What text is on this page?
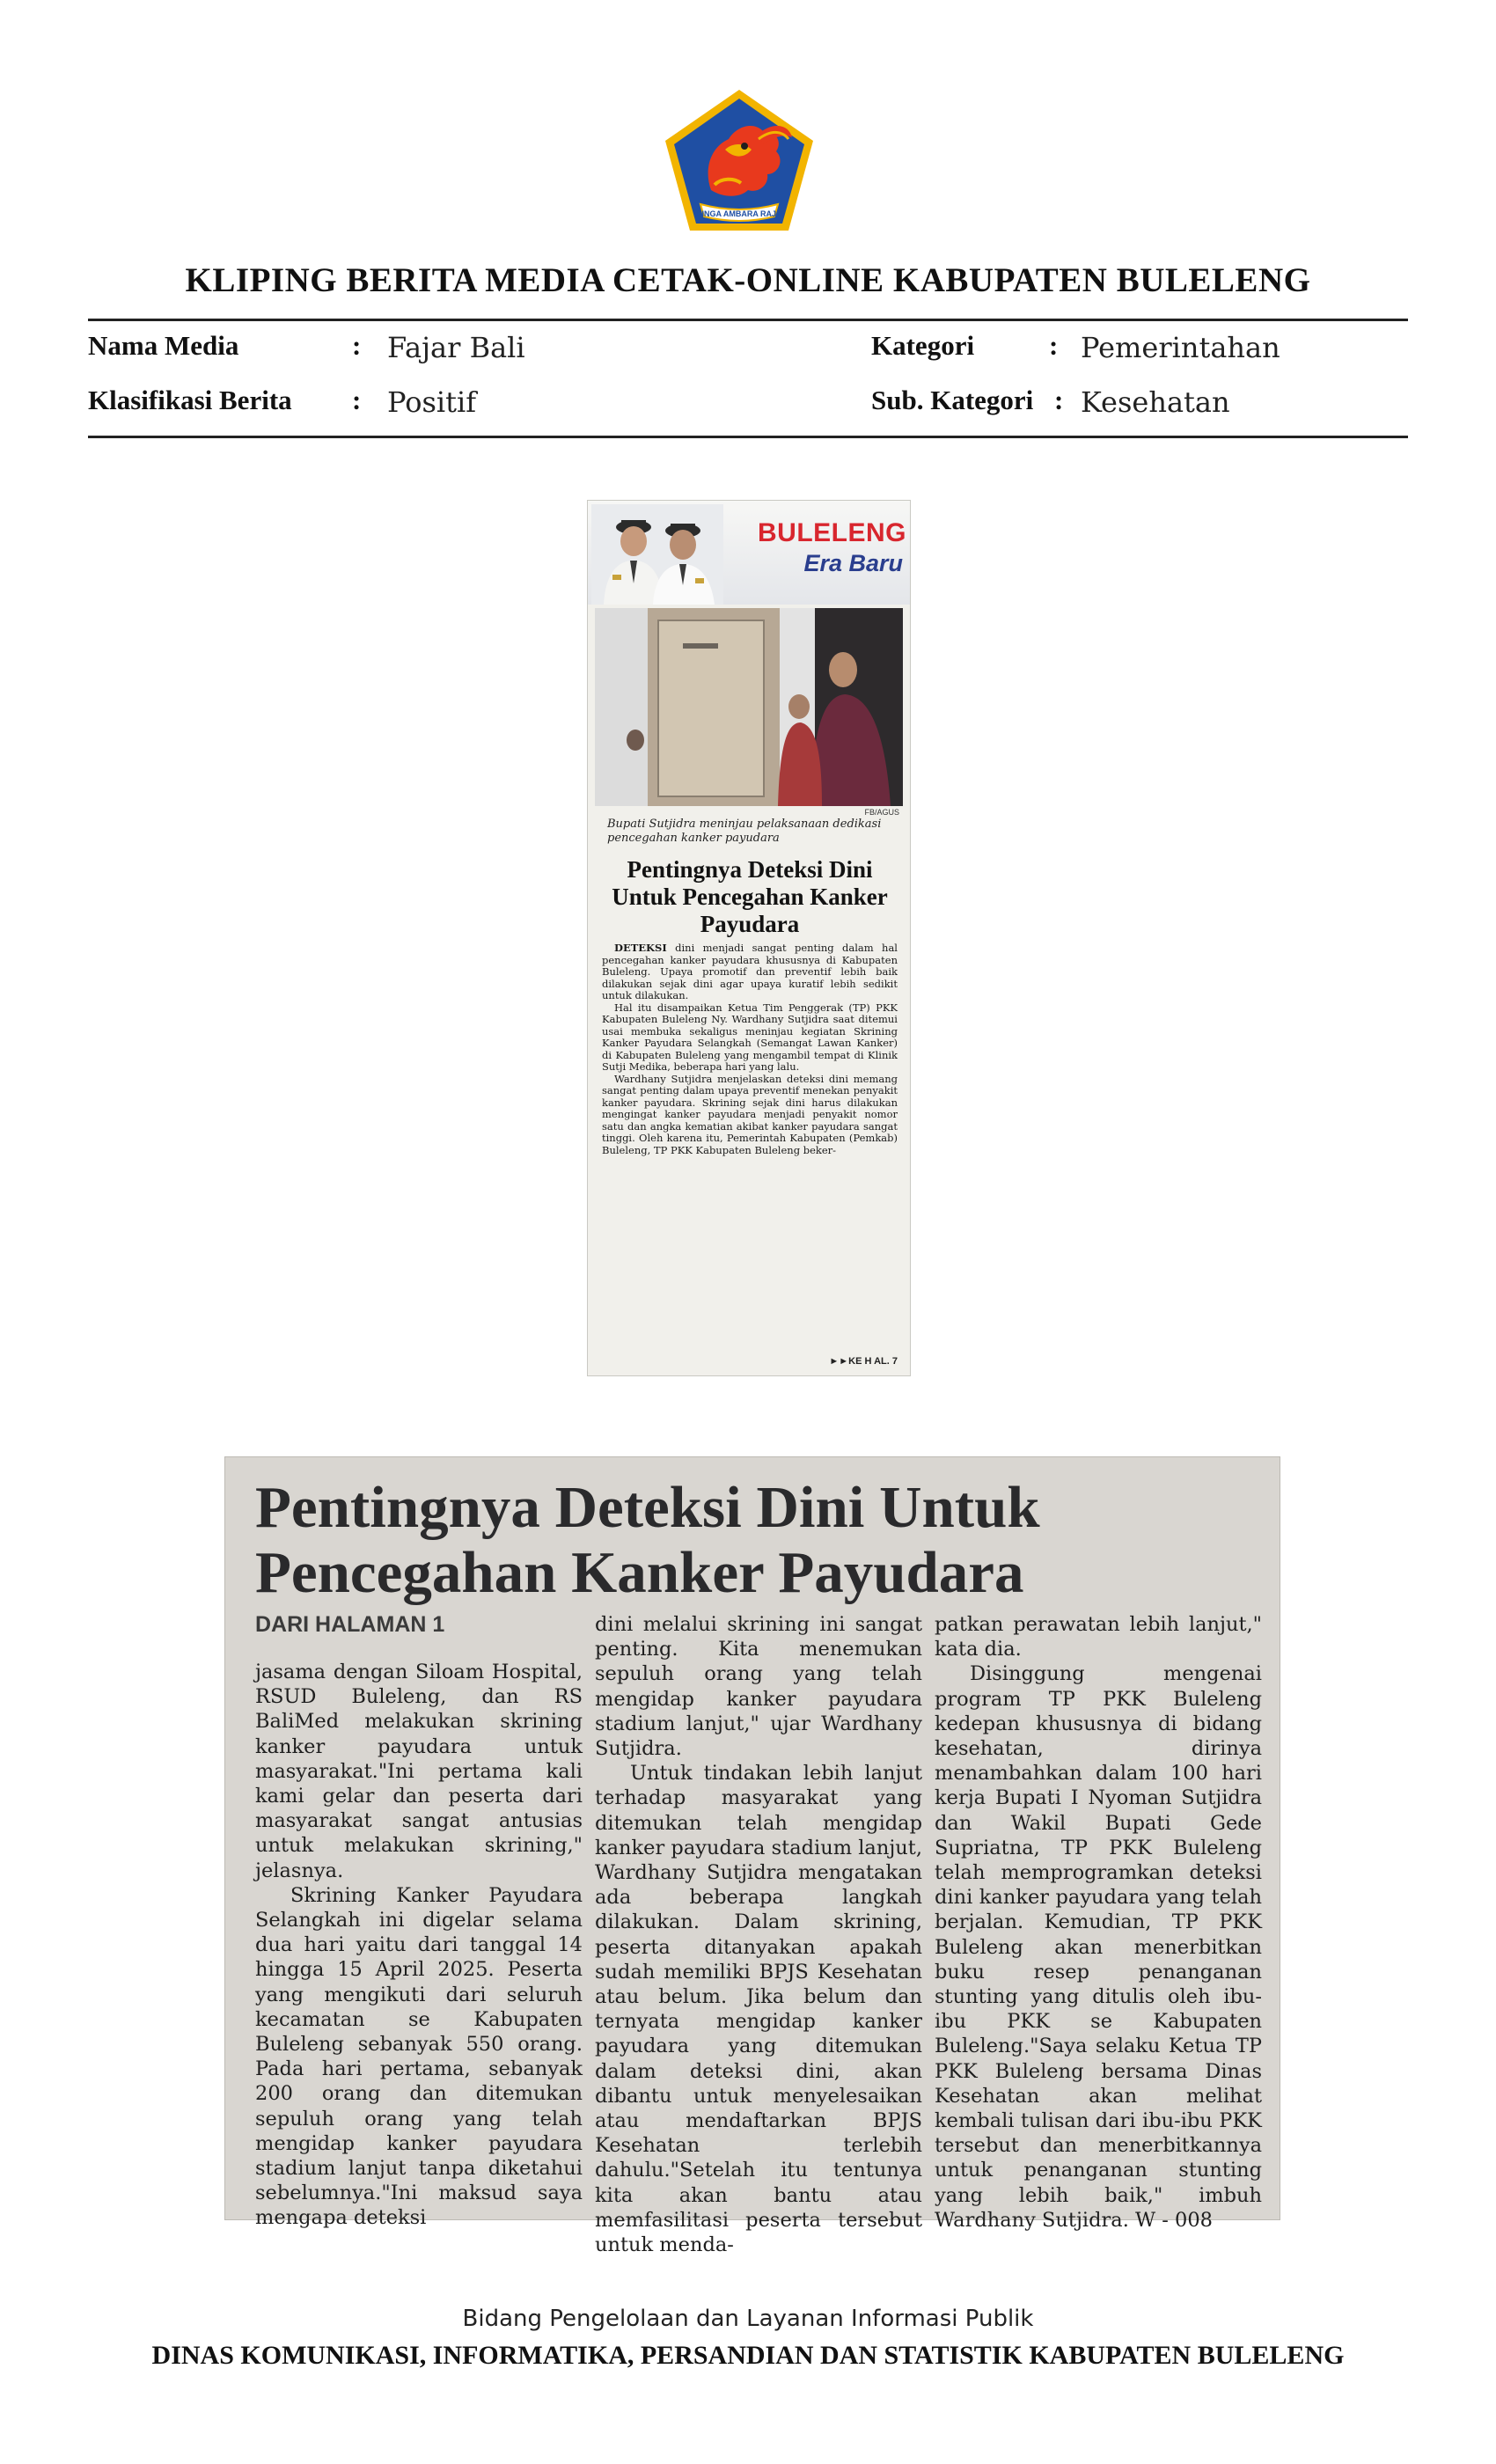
SINGA AMBARA RAJA
KLIPING BERITA MEDIA CETAK-ONLINE KABUPATEN BULELENG
Nama Media	: Fajar Bali	Kategori	: Pemerintahan
Klasifikasi Berita : Positif	Sub. Kategori : Kesehatan
BULELENG
Era Baru
FB/AGUS
Bupati Sutjidra meninjau pelaksanaan dedikasi pencegahan kanker payudara
Pentingnya Deteksi Dini Untuk Pencegahan Kanker Payudara

DETEKSI dini menjadi sangat penting dalam hal pencegahan kanker payudara khususnya di Kabupaten Buleleng. Upaya promotif dan preventif lebih baik dilakukan sejak dini agar upaya kuratif lebih sedikit untuk dilakukan.

Hal itu disampaikan Ketua Tim Penggerak (TP) PKK Kabupaten Buleleng Ny. Wardhany Sutjidra saat ditemui usai membuka sekaligus meninjau kegiatan Skrining Kanker Payudara Selangkah (Semangat Lawan Kanker) di Kabupaten Buleleng yang mengambil tempat di Klinik Sutji Medika, beberapa hari yang lalu.

Wardhany Sutjidra menjelaskan deteksi dini memang sangat penting dalam upaya preventif menekan penyakit kanker payudara. Skrining sejak dini harus dilakukan mengingat kanker payudara menjadi penyakit nomor satu dan angka kematian akibat kanker payudara sangat tinggi. Oleh karena itu, Pemerintah Kabupaten (Pemkab) Buleleng, TP PKK Kabupaten Buleleng beker-

►►KE H AL. 7
Pentingnya Deteksi Dini Untuk
Pencegahan Kanker Payudara
DARI HALAMAN 1

jasama dengan Siloam Hospital, RSUD Buleleng, dan RS BaliMed melakukan skrining kanker payudara untuk masyarakat."Ini pertama kali kami gelar dan peserta dari masyarakat sangat antusias untuk melakukan skrining," jelasnya.

Skrining Kanker Payudara Selangkah ini digelar selama dua hari yaitu dari tanggal 14 hingga 15 April 2025. Peserta yang mengikuti dari seluruh kecamatan se Kabupaten Buleleng sebanyak 550 orang. Pada hari pertama, sebanyak 200 orang dan ditemukan sepuluh orang yang telah mengidap kanker payudara stadium lanjut tanpa diketahui sebelumnya."Ini maksud saya mengapa deteksi

dini melalui skrining ini sangat penting. Kita menemukan sepuluh orang yang telah mengidap kanker payudara stadium lanjut," ujar Wardhany Sutjidra.

Untuk tindakan lebih lanjut terhadap masyarakat yang ditemukan telah mengidap kanker payudara stadium lanjut, Wardhany Sutjidra mengatakan ada beberapa langkah dilakukan. Dalam skrining, peserta ditanyakan apakah sudah memiliki BPJS Kesehatan atau belum. Jika belum dan ternyata mengidap kanker payudara yang ditemukan dalam deteksi dini, akan dibantu untuk menyelesaikan atau mendaftarkan BPJS Kesehatan terlebih dahulu."Setelah itu tentunya kita akan bantu atau memfasilitasi peserta tersebut untuk menda-

patkan perawatan lebih lanjut," kata dia.

Disinggung mengenai program TP PKK Buleleng kedepan khususnya di bidang kesehatan, dirinya menambahkan dalam 100 hari kerja Bupati I Nyoman Sutjidra dan Wakil Bupati Gede Supriatna, TP PKK Buleleng telah memprogramkan deteksi dini kanker payudara yang telah berjalan. Kemudian, TP PKK Buleleng akan menerbitkan buku resep penanganan stunting yang ditulis oleh ibu-ibu PKK se Kabupaten Buleleng."Saya selaku Ketua TP PKK Buleleng bersama Dinas Kesehatan akan melihat kembali tulisan dari ibu-ibu PKK tersebut dan menerbitkannya untuk penanganan stunting yang lebih baik," imbuh Wardhany Sutjidra. W - 008

Bidang Pengelolaan dan Layanan Informasi Publik
DINAS KOMUNIKASI, INFORMATIKA, PERSANDIAN DAN STATISTIK KABUPATEN BULELENG
